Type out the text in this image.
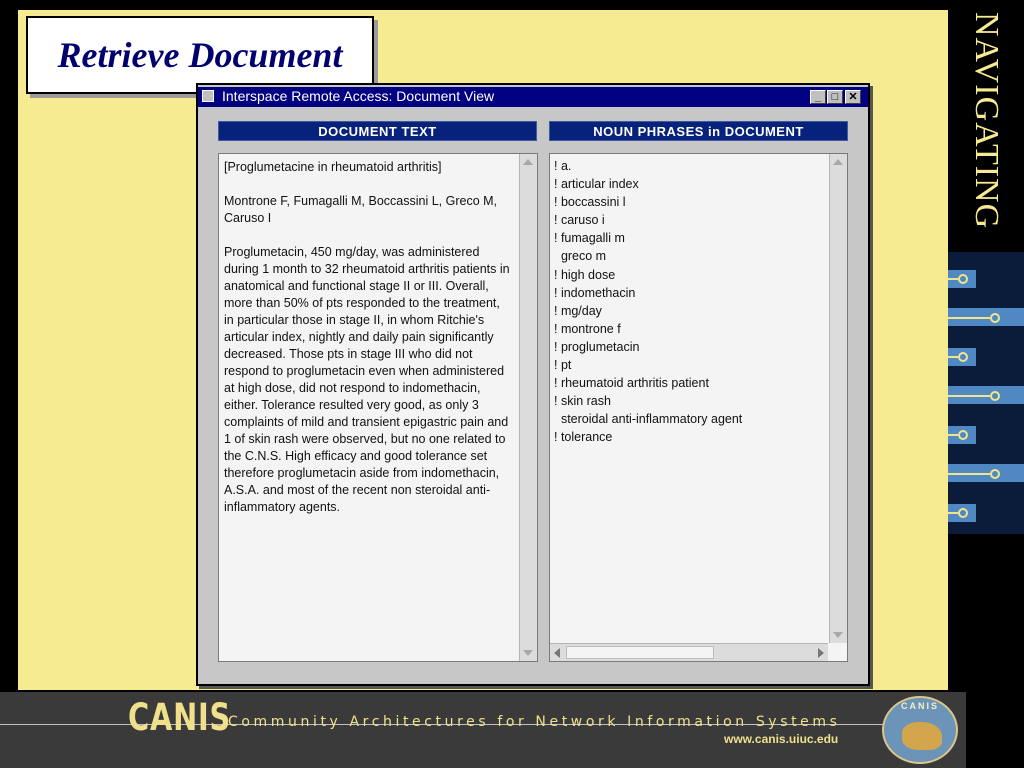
Retrieve Document	NAVIGATING
Interspace Remote Access: Document View	_ □ ✕
DOCUMENT TEXT	NOUN PHRASES in DOCUMENT

[Proglumetacine in rheumatoid arthritis]

Montrone F, Fumagalli M, Boccassini L, Greco M, Caruso I

Proglumetacin, 450 mg/day, was administered during 1 month to 32 rheumatoid arthritis patients in anatomical and functional stage II or III. Overall, more than 50% of pts responded to the treatment, in particular those in stage II, in whom Ritchie's articular index, nightly and daily pain significantly decreased. Those pts in stage III who did not respond to proglumetacin even when administered at high dose, did not respond to indomethacin, either. Tolerance resulted very good, as only 3 complaints of mild and transient epigastric pain and 1 of skin rash were observed, but no one related to the C.N.S. High efficacy and good tolerance set therefore proglumetacin aside from indomethacin, A.S.A. and most of the recent non steroidal anti-inflammatory agents.

! a.
! articular index
! boccassini l
! caruso i
! fumagalli m
greco m
! high dose
! indomethacin
! mg/day
! montrone f
! proglumetacin
! pt
! rheumatoid arthritis patient
! skin rash
steroidal anti-inflammatory agent
! tolerance
CANIS
Community Architectures for Network Information Systems
www.canis.uiuc.edu
CANIS
